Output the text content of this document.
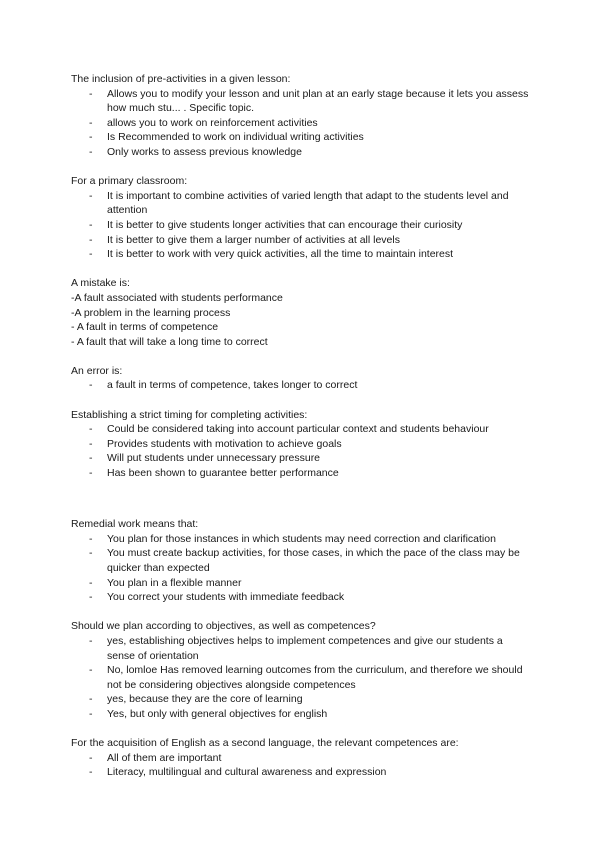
The inclusion of pre-activities in a given lesson:

- Allows you to modify your lesson and unit plan at an early stage because it lets you assess how much stu... . Specific topic.
- allows you to work on reinforcement activities
- Is Recommended to work on individual writing activities
- Only works to assess previous knowledge

For a primary classroom:

- It is important to combine activities of varied length that adapt to the students level and attention
- It is better to give students longer activities that can encourage their curiosity
- It is better to give them a larger number of activities at all levels
- It is better to work with very quick activities, all the time to maintain interest

A mistake is:

-A fault associated with students performance

-A problem in the learning process

- A fault in terms of competence

- A fault that will take a long time to correct

An error is:

- a fault in terms of competence, takes longer to correct

Establishing a strict timing for completing activities:

- Could be considered taking into account particular context and students behaviour
- Provides students with motivation to achieve goals
- Will put students under unnecessary pressure
- Has been shown to guarantee better performance

Remedial work means that:

- You plan for those instances in which students may need correction and clarification
- You must create backup activities, for those cases, in which the pace of the class may be quicker than expected
- You plan in a flexible manner
- You correct your students with immediate feedback

Should we plan according to objectives, as well as competences?

- yes, establishing objectives helps to implement competences and give our students a sense of orientation
- No, lomloe Has removed learning outcomes from the curriculum, and therefore we should not be considering objectives alongside competences
- yes, because they are the core of learning
- Yes, but only with general objectives for english

For the acquisition of English as a second language, the relevant competences are:

- All of them are important
- Literacy, multilingual and cultural awareness and expression
